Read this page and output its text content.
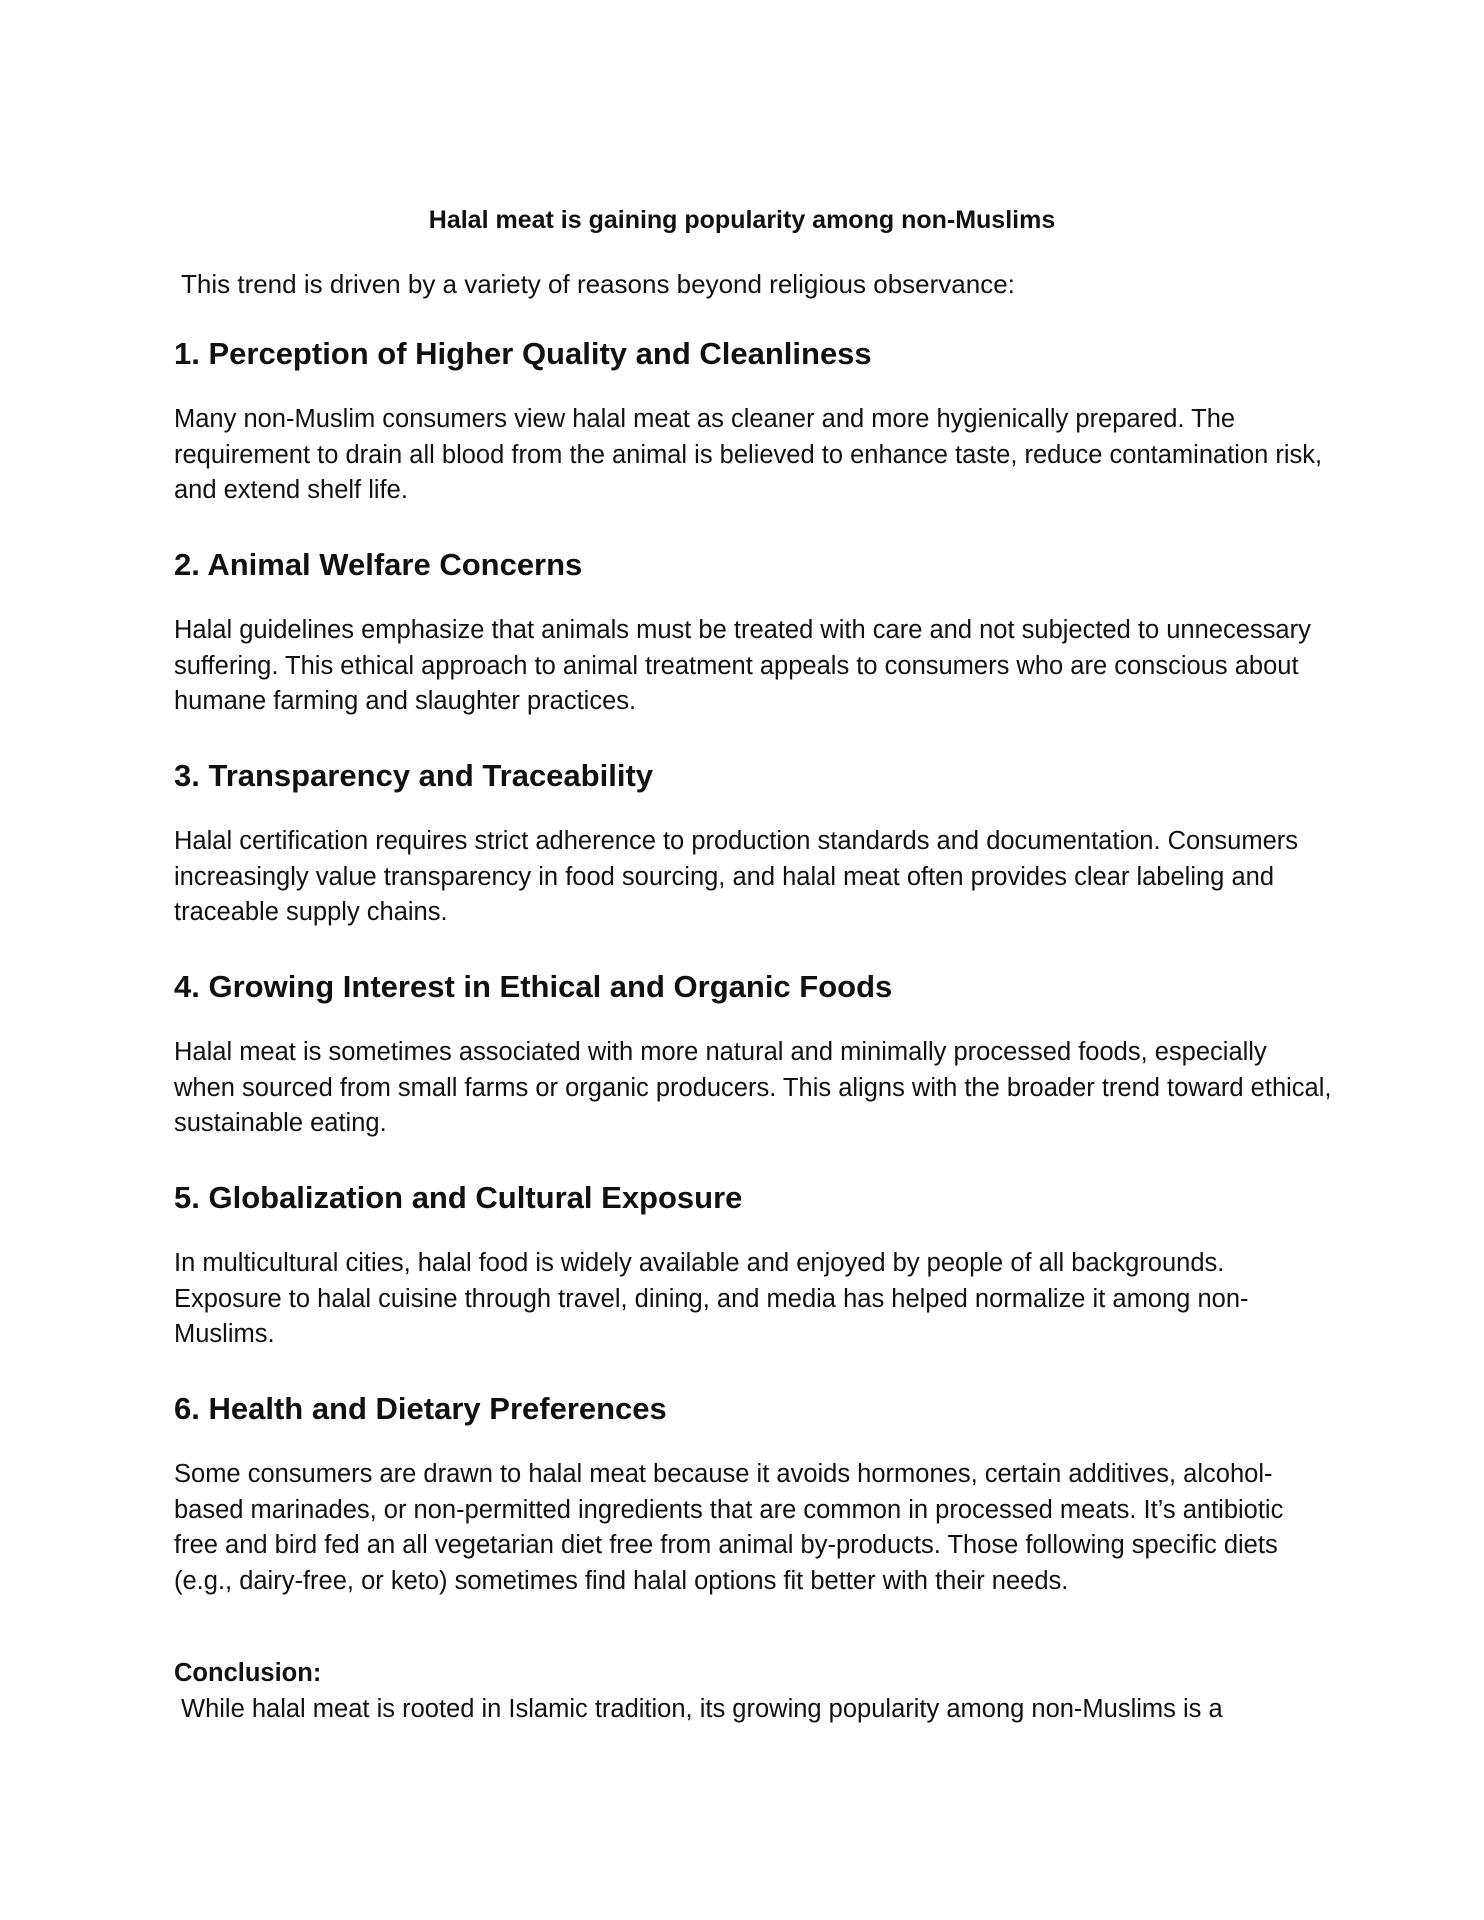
Halal meat is gaining popularity among non-Muslims

This trend is driven by a variety of reasons beyond religious observance:

1. Perception of Higher Quality and Cleanliness

Many non-Muslim consumers view halal meat as cleaner and more hygienically prepared. The requirement to drain all blood from the animal is believed to enhance taste, reduce contamination risk, and extend shelf life.

2. Animal Welfare Concerns

Halal guidelines emphasize that animals must be treated with care and not subjected to unnecessary suffering. This ethical approach to animal treatment appeals to consumers who are conscious about humane farming and slaughter practices.

3. Transparency and Traceability

Halal certification requires strict adherence to production standards and documentation. Consumers increasingly value transparency in food sourcing, and halal meat often provides clear labeling and traceable supply chains.

4. Growing Interest in Ethical and Organic Foods

Halal meat is sometimes associated with more natural and minimally processed foods, especially when sourced from small farms or organic producers. This aligns with the broader trend toward ethical, sustainable eating.

5. Globalization and Cultural Exposure

In multicultural cities, halal food is widely available and enjoyed by people of all backgrounds. Exposure to halal cuisine through travel, dining, and media has helped normalize it among non-Muslims.

6. Health and Dietary Preferences

Some consumers are drawn to halal meat because it avoids hormones, certain additives, alcohol-based marinades, or non-permitted ingredients that are common in processed meats. It’s antibiotic free and bird fed an all vegetarian diet free from animal by-products. Those following specific diets (e.g., dairy-free, or keto) sometimes find halal options fit better with their needs.

Conclusion:

While halal meat is rooted in Islamic tradition, its growing popularity among non-Muslims is a
